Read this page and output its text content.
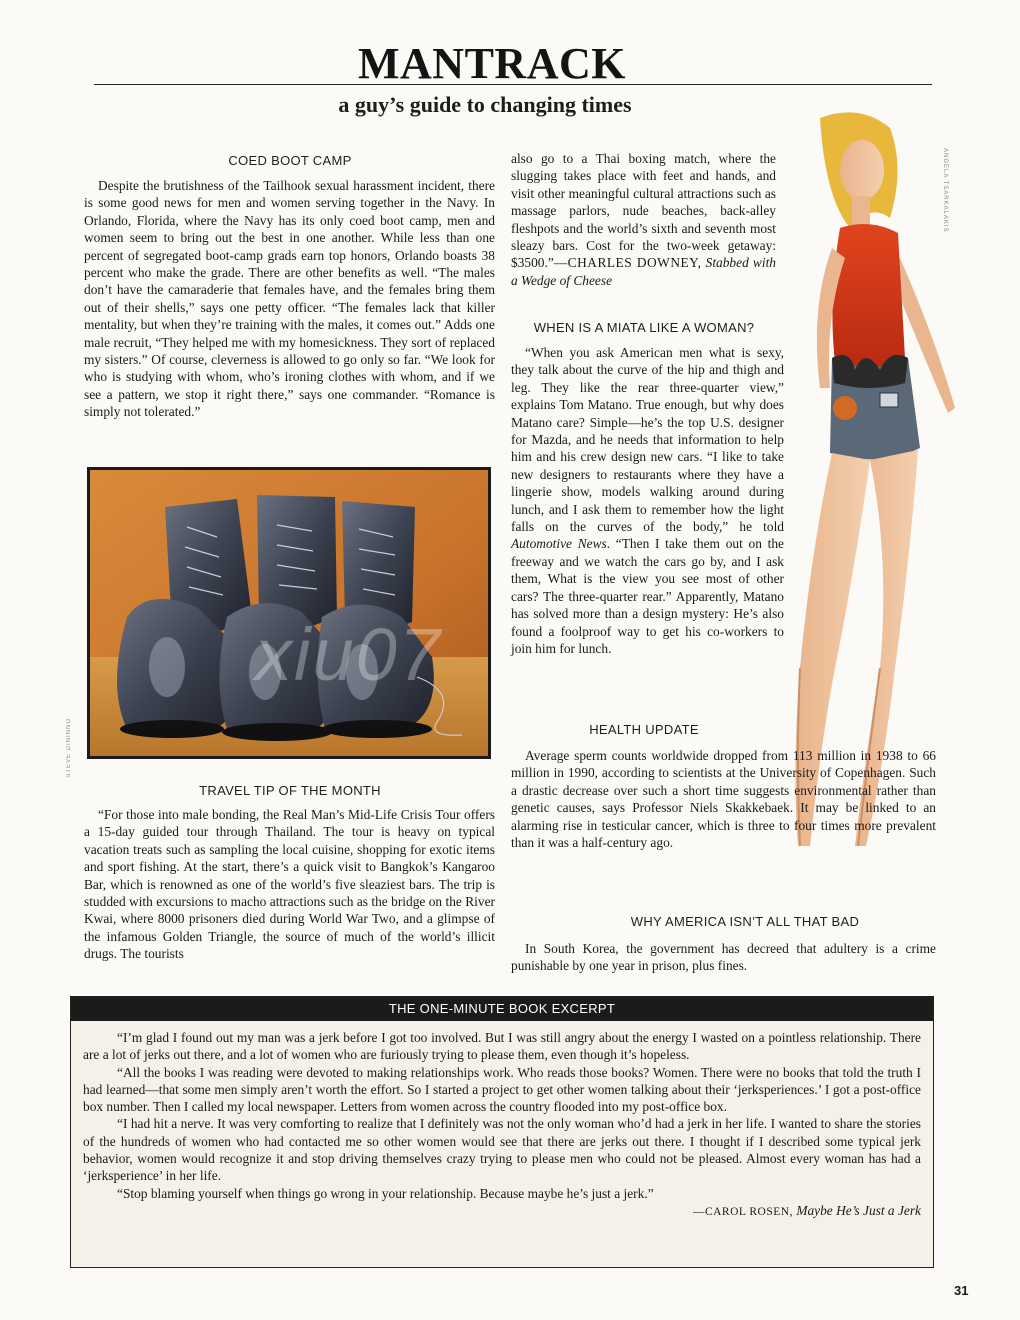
MANTRACK
a guy’s guide to changing times
COED BOOT CAMP

Despite the brutishness of the Tailhook sexual harassment incident, there is some good news for men and women serving together in the Navy. In Orlando, Florida, where the Navy has its only coed boot camp, men and women seem to bring out the best in one another. While less than one percent of segregated boot-camp grads earn top honors, Orlando boasts 38 percent who make the grade. There are other benefits as well. “The males don’t have the camaraderie that females have, and the females bring them out of their shells,” says one petty officer. “The females lack that killer mentality, but when they’re training with the males, it comes out.” Adds one male recruit, “They helped me with my homesickness. They sort of replaced my sisters.” Of course, cleverness is allowed to go only so far. “We look for who is studying with whom, who’s ironing clothes with whom, and if we see a pattern, we stop it right there,” says one commander. “Romance is simply not tolerated.”

STEVE DININNO
xiu07
TRAVEL TIP OF THE MONTH

“For those into male bonding, the Real Man’s Mid-Life Crisis Tour offers a 15-day guided tour through Thailand. The tour is heavy on typical vacation treats such as sampling the local cuisine, shopping for exotic items and sport fishing. At the start, there’s a quick visit to Bangkok’s Kangaroo Bar, which is renowned as one of the world’s five sleaziest bars. The trip is studded with excursions to macho attractions such as the bridge on the River Kwai, where 8000 prisoners died during World War Two, and a glimpse of the infamous Golden Triangle, the source of much of the world’s illicit drugs. The tourists

also go to a Thai boxing match, where the slugging takes place with feet and hands, and visit other meaningful cultural attractions such as massage parlors, nude beaches, back-alley fleshpots and the world’s sixth and seventh most sleazy bars. Cost for the two-week getaway: $3500.”—CHARLES DOWNEY, Stabbed with a Wedge of Cheese

WHEN IS A MIATA LIKE A WOMAN?

“When you ask American men what is sexy, they talk about the curve of the hip and thigh and leg. They like the rear three-quarter view,” explains Tom Matano. True enough, but why does Matano care? Simple—he’s the top U.S. designer for Mazda, and he needs that information to help him and his crew design new cars. “I like to take new designers to restaurants where they have a lingerie show, models walking around during lunch, and I ask them to remember how the light falls on the curves of the body,” he told Automotive News. “Then I take them out on the freeway and we watch the cars go by, and I ask them, What is the view you see most of other cars? The three-quarter rear.” Apparently, Matano has solved more than a design mystery: He’s also found a foolproof way to get his co-workers to join him for lunch.

ANGELA TSARKALAKIS
HEALTH UPDATE

Average sperm counts worldwide dropped from 113 million in 1938 to 66 million in 1990, according to scientists at the University of Copenhagen. Such a drastic decrease over such a short time suggests environmental rather than genetic causes, says Professor Niels Skakkebaek. It may be linked to an alarming rise in testicular cancer, which is three to four times more prevalent than it was a half-century ago.

WHY AMERICA ISN’T ALL THAT BAD

In South Korea, the government has decreed that adultery is a crime punishable by one year in prison, plus fines.

THE ONE-MINUTE BOOK EXCERPT

“I’m glad I found out my man was a jerk before I got too involved. But I was still angry about the energy I wasted on a pointless relationship. There are a lot of jerks out there, and a lot of women who are furiously trying to please them, even though it’s hopeless.

“All the books I was reading were devoted to making relationships work. Who reads those books? Women. There were no books that told the truth I had learned—that some men simply aren’t worth the effort. So I started a project to get other women talking about their ‘jerksperiences.’ I got a post-office box number. Then I called my local newspaper. Letters from women across the country flooded into my post-office box.

“I had hit a nerve. It was very comforting to realize that I definitely was not the only woman who’d had a jerk in her life. I wanted to share the stories of the hundreds of women who had contacted me so other women would see that there are jerks out there. I thought if I described some typical jerk behavior, women would recognize it and stop driving themselves crazy trying to please men who could not be pleased. Almost every woman has had a ‘jerksperience’ in her life.

“Stop blaming yourself when things go wrong in your relationship. Because maybe he’s just a jerk.”

—CAROL ROSEN, Maybe He’s Just a Jerk

31
